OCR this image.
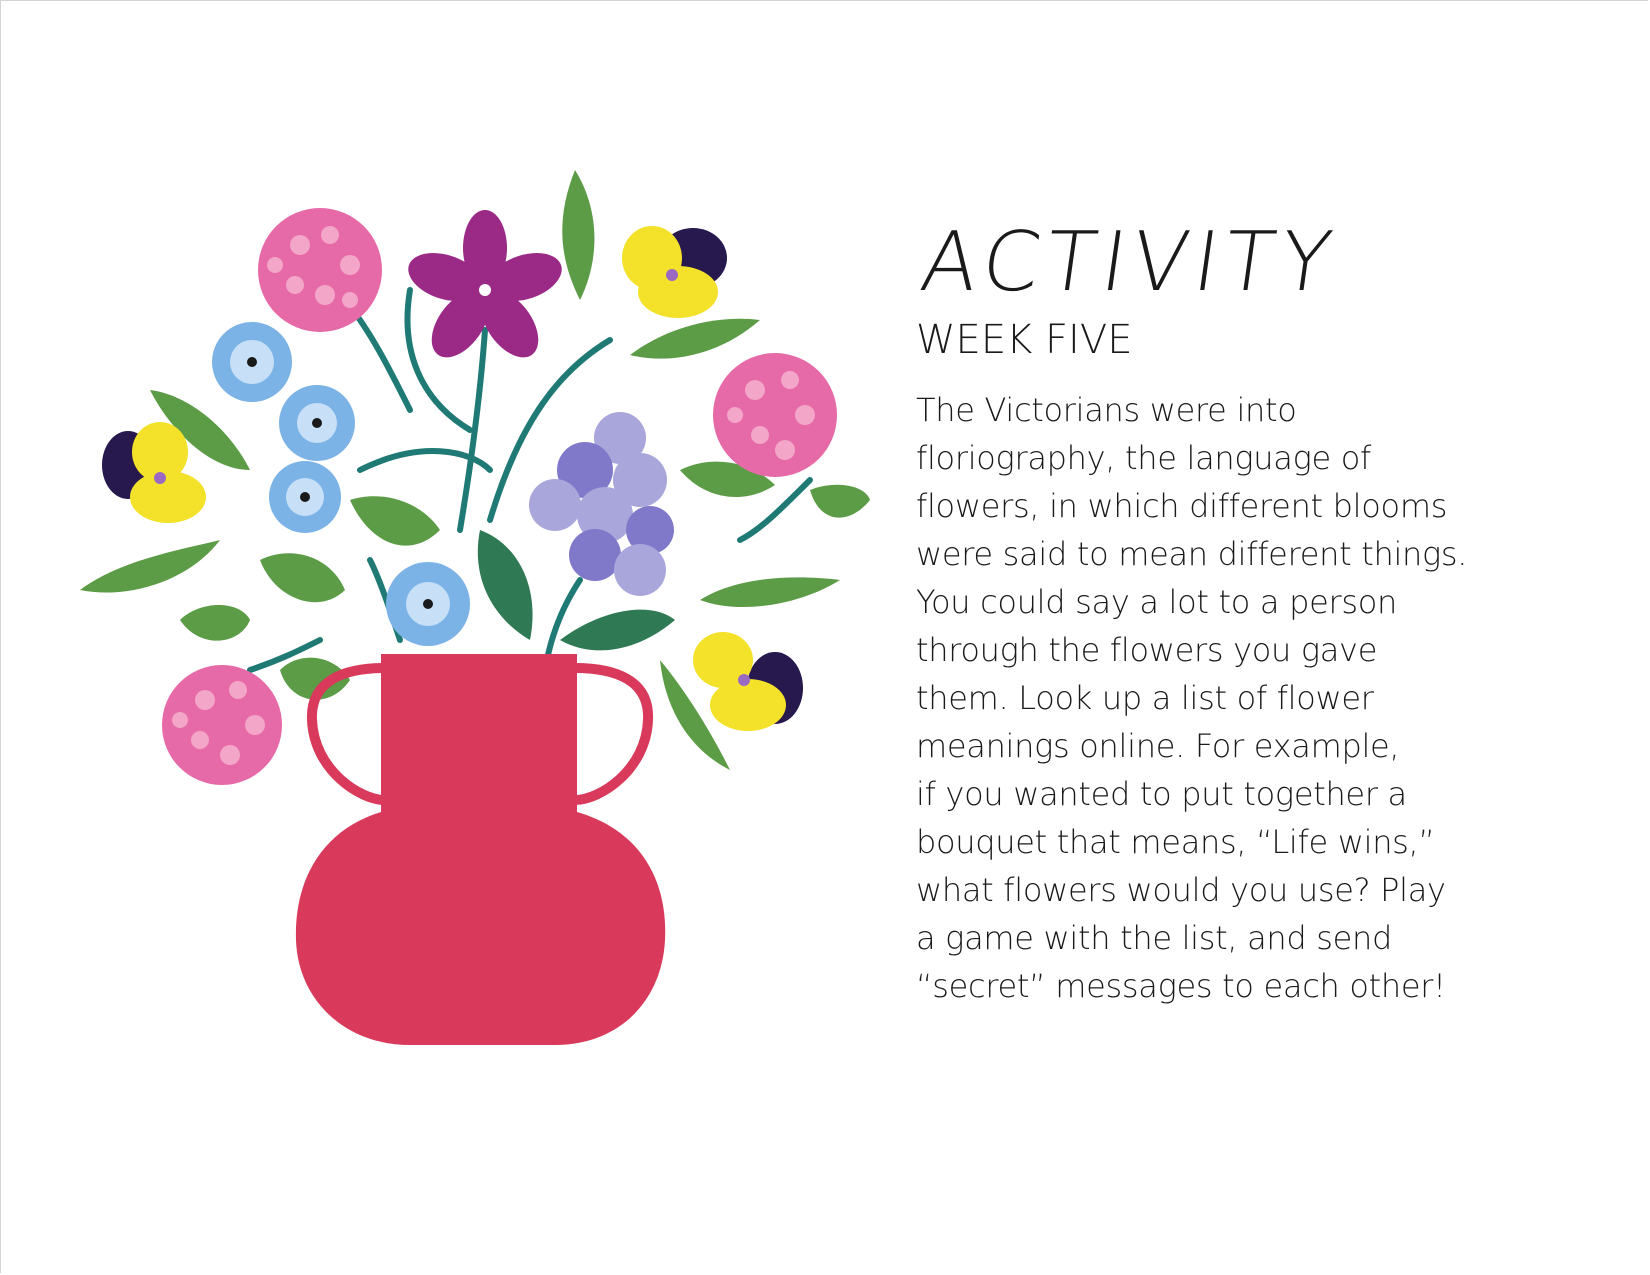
ACTIVITY
WEEK FIVE
The Victorians were into
floriography, the language of
flowers, in which different blooms
were said to mean different things.
You could say a lot to a person
through the flowers you gave
them. Look up a list of flower
meanings online. For example,
if you wanted to put together a
bouquet that means, “Life wins,”
what flowers would you use? Play
a game with the list, and send
“secret” messages to each other!
